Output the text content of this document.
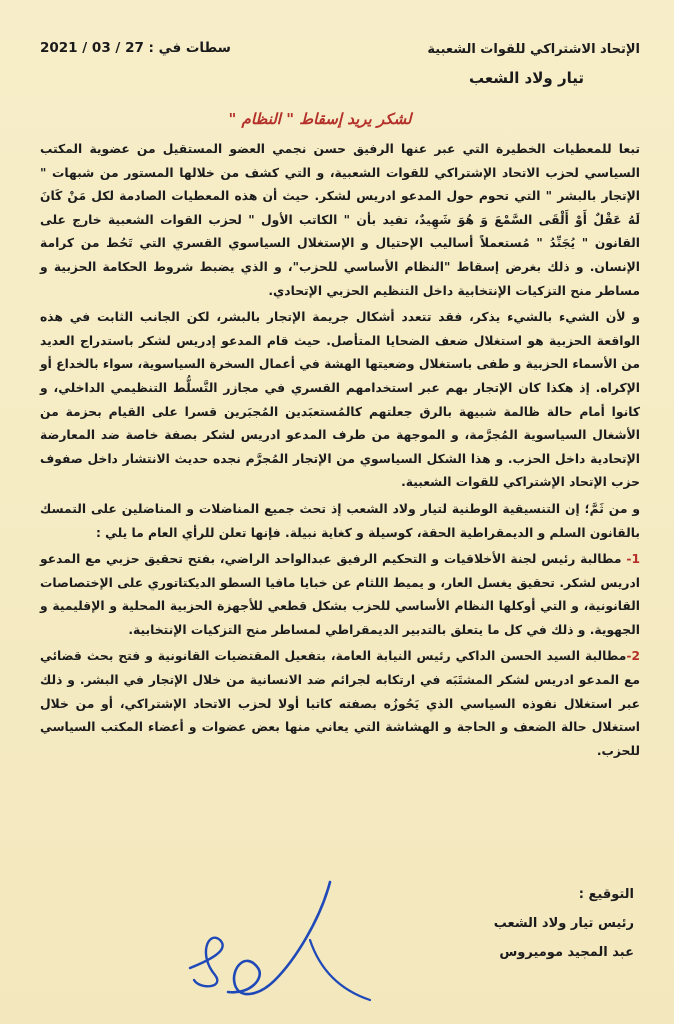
الإتحاد الاشتراكي للقوات الشعبية
تيار ولاد الشعب
سطات في : 27 / 03 / 2021
لشكر يريد إسقاط " النظام "

تبعا للمعطيات الخطيرة التي عبر عنها الرفيق حسن نجمي العضو المستقيل من عضوية المكتب السياسي لحزب الاتحاد الإشتراكي للقوات الشعبية، و التي كشف من خلالها المستور من شبهات " الإتجار بالبشر " التي تحوم حول المدعو ادريس لشكر. حيث أن هذه المعطيات الصادمة لكل مَنْ كَانَ لَهُ عَقْلٌ أَوْ أَلْقَى السَّمْعَ وَ هُوَ شَهِيدٌ، تفيد بأن " الكاتب الأول " لحزب القوات الشعبية خارج على القانون " يُجَنِّدُ " مُستعملاً أساليب الإحتيال و الإستغلال السياسوي القسري التي تَحُط من كرامة الإنسان. و ذلك بغرض إسقاط "النظام الأساسي للحزب"، و الذي يضبط شروط الحكامة الحزبية و مساطر منح التزكيات الإنتخابية داخل التنظيم الحزبي الإتحادي.

و لأن الشيء بالشيء يذكر، فقد تتعدد أشكال جريمة الإتجار بالبشر، لكن الجانب الثابت في هذه الواقعة الحزبية هو استغلال ضعف الضحايا المتأصل. حيث قام المدعو إدريس لشكر باستدراج العديد من الأسماء الحزبية و طفى باستغلال وضعيتها الهشة في أعمال السخرة السياسوية، سواء بالخداع أو الإكراه. إذ هكذا كان الإتجار بهم عبر استخدامهم القسري في مجازر التَّسلُّط التنظيمي الداخلي، و كانوا أمام حالة ظالمة شبيهة بالرق جعلتهم كالمُستعبَدين المُجبَرين قسرا على القيام بحزمة من الأشغال السياسوية المُجرَّمة، و الموجهة من طرف المدعو ادريس لشكر بصفة خاصة ضد المعارضة الإتحادية داخل الحزب. و هذا الشكل السياسوي من الإتجار المُجرَّم نجده حديث الانتشار داخل صفوف حزب الإتحاد الإشتراكي للقوات الشعبية.

و من ثَمَّ؛ إن التنسيقية الوطنية لتيار ولاد الشعب إذ تحث جميع المناضلات و المناضلين على التمسك بالقانون السلم و الديمقراطية الحقة، كوسيلة و كغاية نبيلة. فإنها تعلن للرأي العام ما يلي :

1- مطالبة رئيس لجنة الأخلاقيات و التحكيم الرفيق عبدالواحد الراضي، بفتح تحقيق حزبي مع المدعو ادريس لشكر. تحقيق يغسل العار، و يميط اللثام عن خبايا مافيا السطو الديكتاتوري على الإختصاصات القانونية، و التي أوكلها النظام الأساسي للحزب بشكل قطعي للأجهزة الحزبية المحلية و الإقليمية و الجهوية. و ذلك في كل ما يتعلق بالتدبير الديمقراطي لمساطر منح التزكيات الإنتخابية.

2-مطالبة السيد الحسن الداكي رئيس النيابة العامة، بتفعيل المقتضيات القانونية و فتح بحث قضائي مع المدعو ادريس لشكر المشتَبَه في ارتكابه لجرائم ضد الانسانية من خلال الإتجار في البشر. و ذلك عبر استغلال نفوذه السياسي الذي يَحُوزُه بصفته كاتبا أولا لحزب الاتحاد الإشتراكي، أو من خلال استغلال حالة الضعف و الحاجة و الهشاشة التي يعاني منها بعض عضوات و أعضاء المكتب السياسي للحزب.

التوقيع :
رئيس تيار ولاد الشعب
عبد المجيد موميروس
